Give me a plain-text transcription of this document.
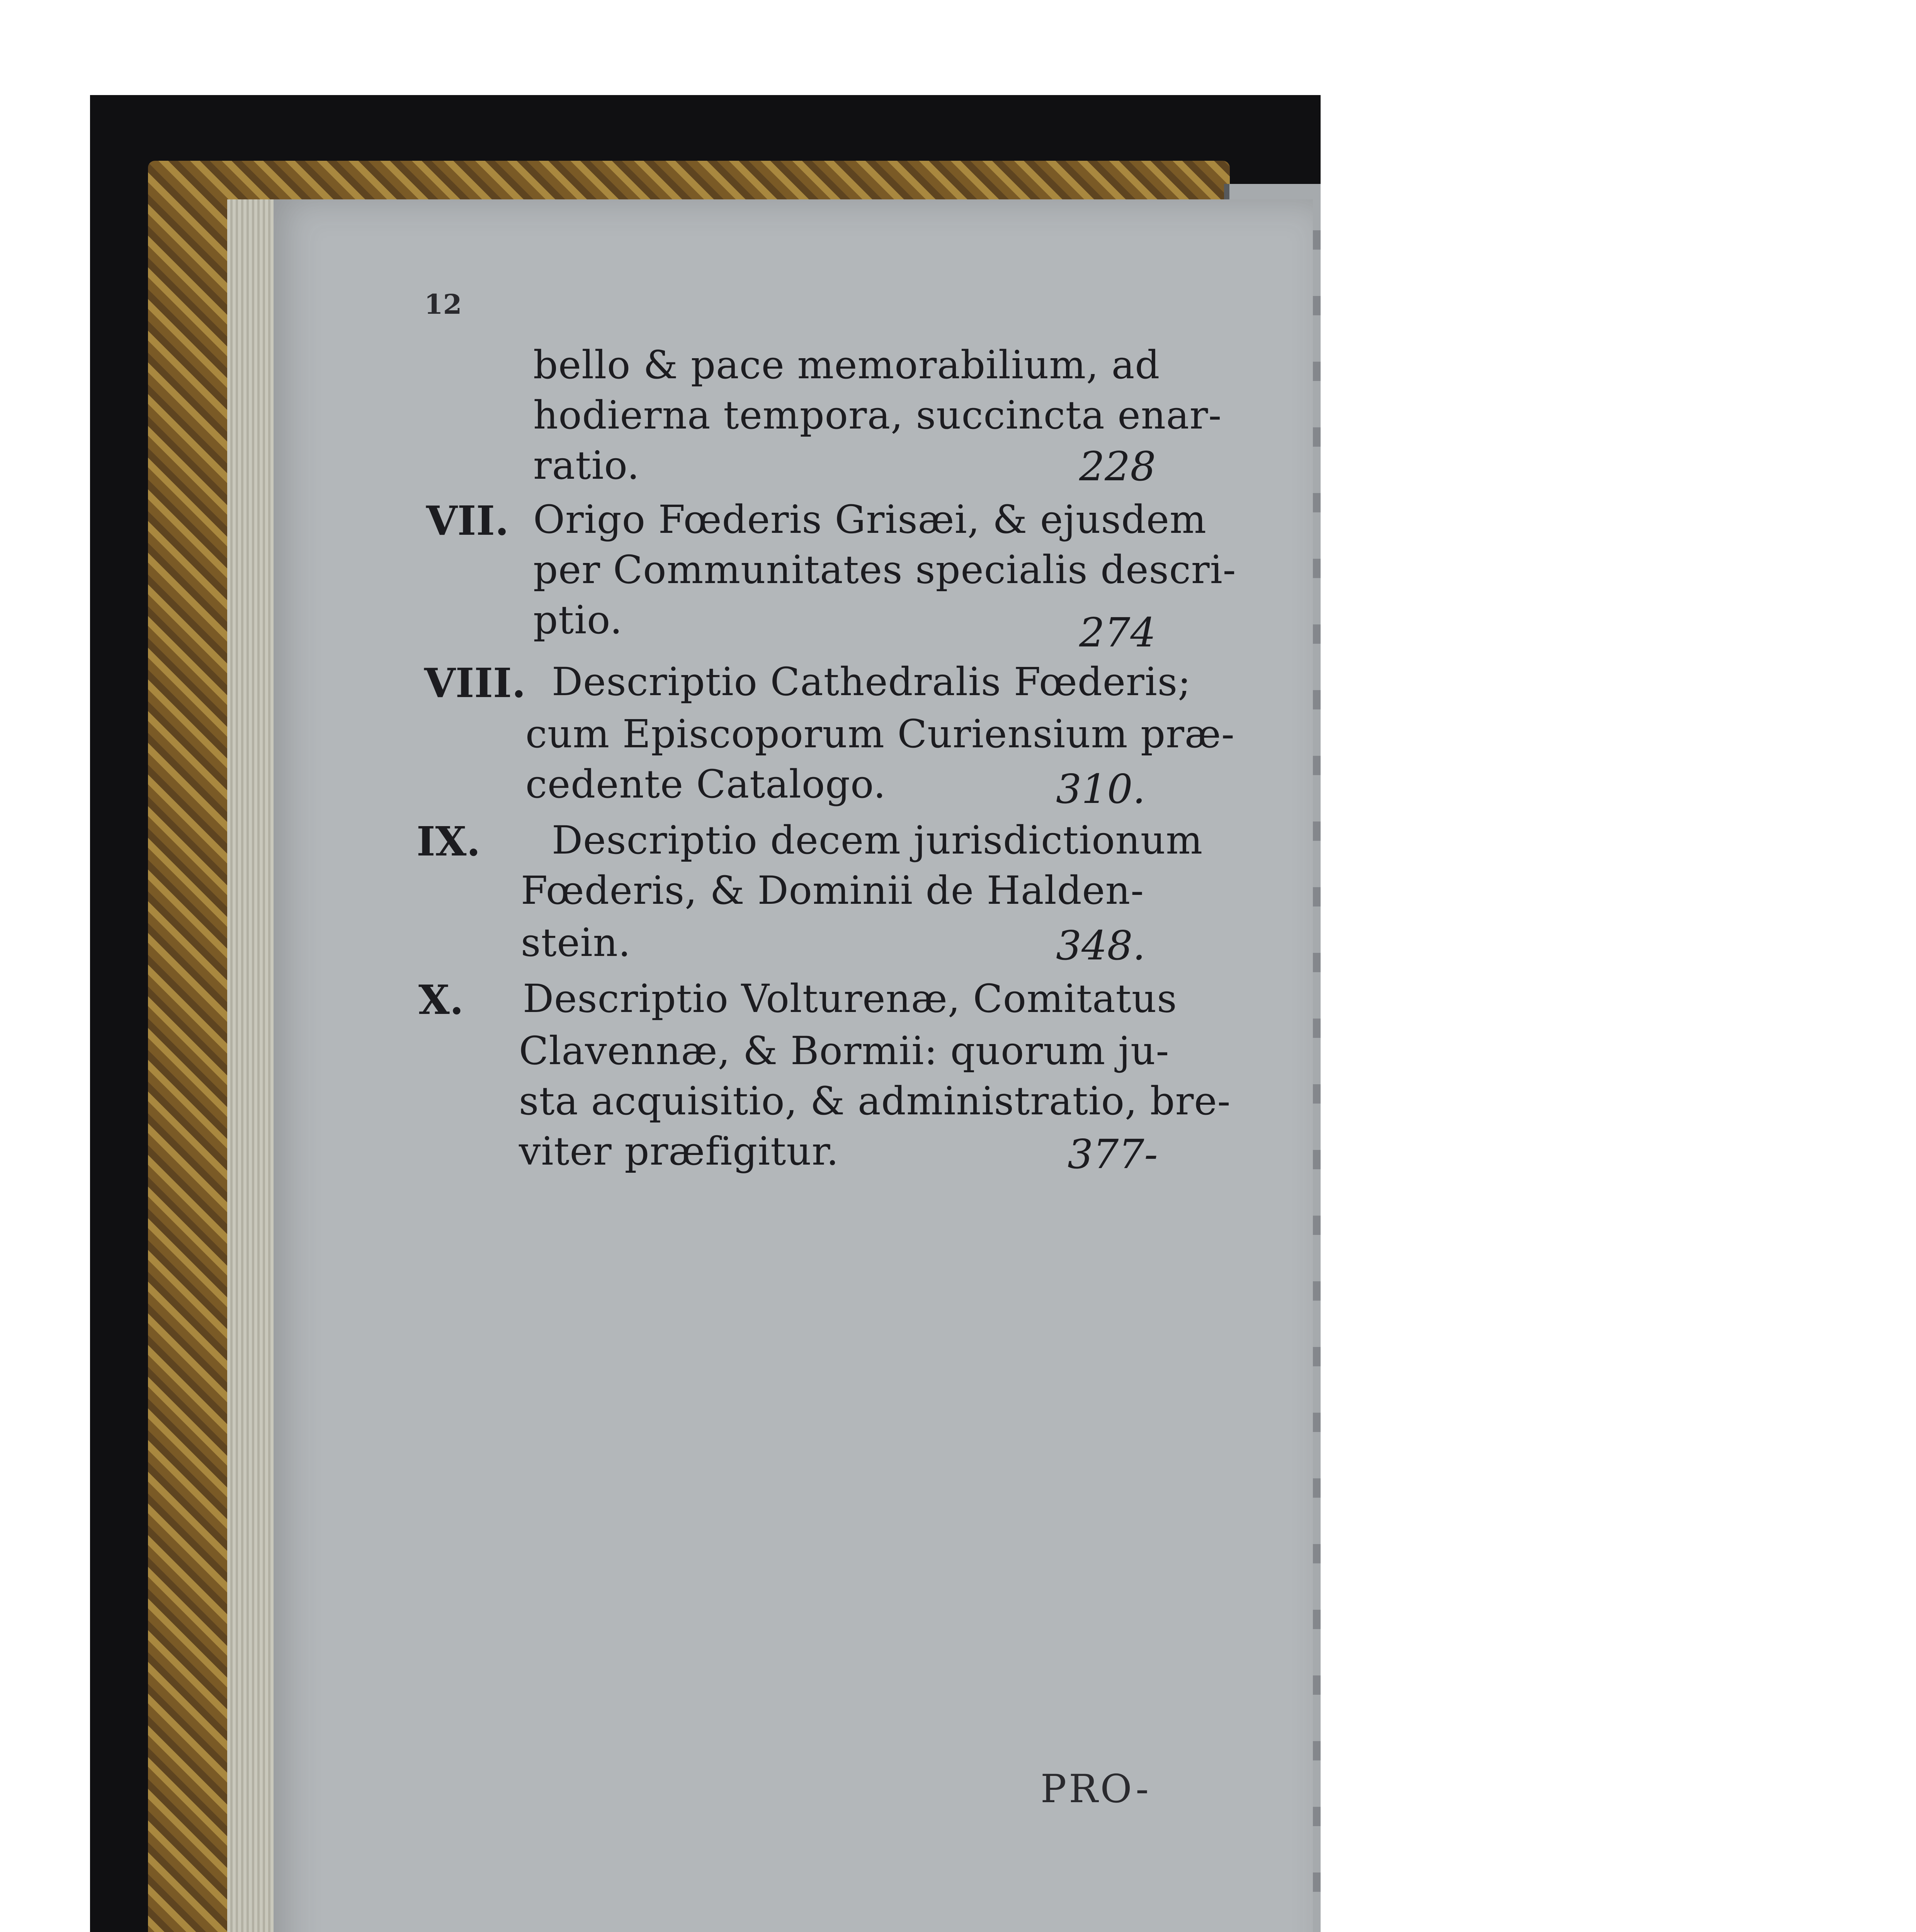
12
bello & pace memorabilium, ad
hodierna tempora, succincta enar-
ratio.	228
VII. Origo Fœderis Grisæi, & ejusdem
per Communitates specialis descri-
ptio.	274
VIII. Descriptio Cathedralis Fœderis;
cum Episcoporum Curiensium præ-
cedente Catalogo.	310.
IX. Descriptio decem jurisdictionum
Fœderis, & Dominii de Halden-
stein.	348.
X. Descriptio Volturenæ, Comitatus
Clavennæ, & Bormii: quorum ju-
sta acquisitio, & administratio, bre-
viter præfigitur.	377-
PRO-
